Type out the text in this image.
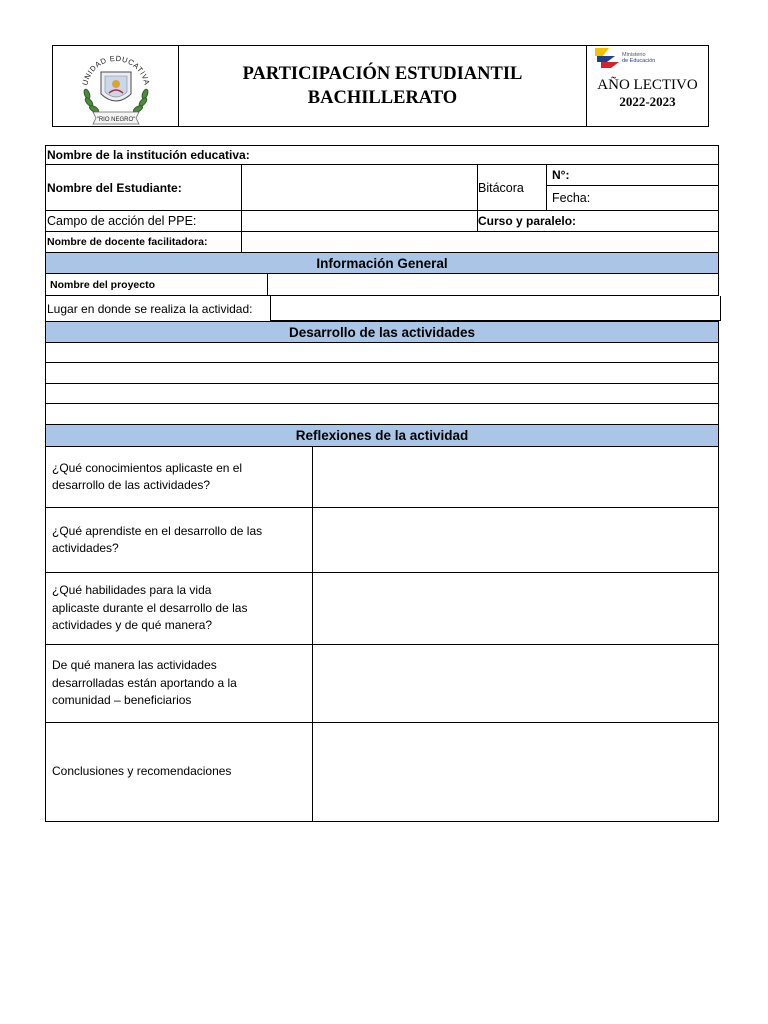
UNIDAD EDUCATIVA
"RIO NEGRO"
PARTICIPACIÓN ESTUDIANTIL
BACHILLERATO
Ministerio
de Educación
AÑO LECTIVO
2022-2023
Nombre de la institución educativa:
Nombre del Estudiante:	Bitácora
N°:
Fecha:
Campo de acción del PPE:	Curso y paralelo:
Nombre de docente facilitadora:
Información General
Nombre del proyecto
Lugar en donde se realiza la actividad:
Desarrollo de las actividades
Reflexiones de la actividad
¿Qué conocimientos aplicaste en el
desarrollo de las actividades?
¿Qué aprendiste en el desarrollo de las
actividades?
¿Qué habilidades para la vida
aplicaste durante el desarrollo de las
actividades y de qué manera?
De qué manera las actividades
desarrolladas están aportando a la
comunidad – beneficiarios
Conclusiones y recomendaciones
